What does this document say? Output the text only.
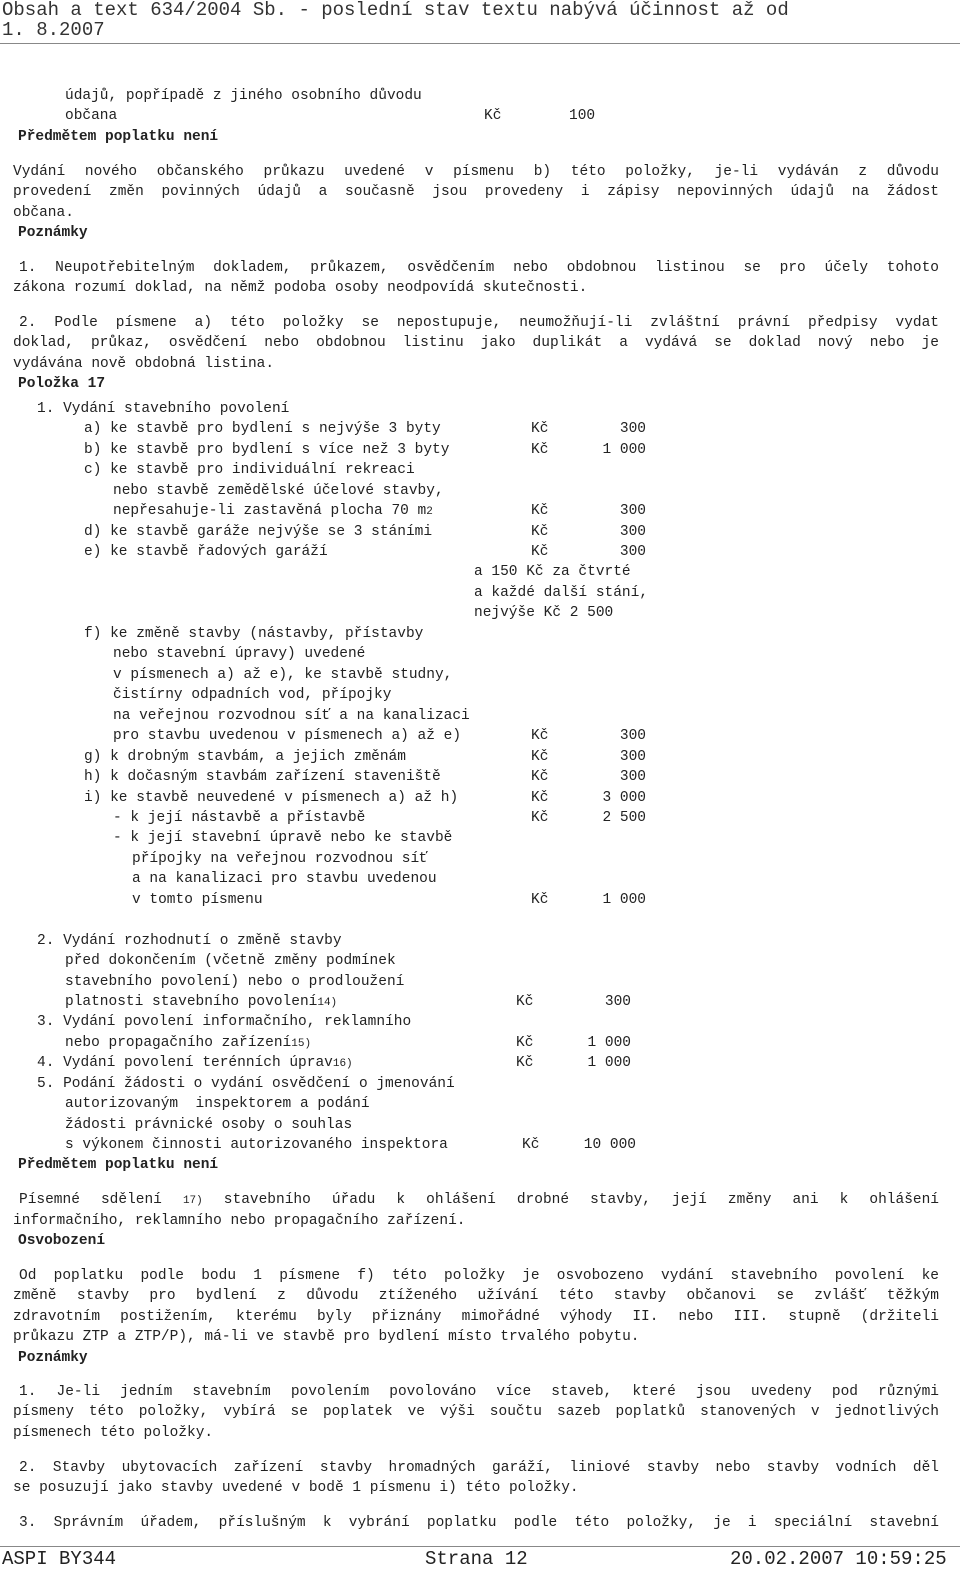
Obsah a text 634/2004 Sb. - poslední stav textu nabývá účinnost až od
1. 8.2007
údajů, popřípadě z jiného osobního důvodu
občana	Kč	100
Předmětem poplatku není
Vydání nového občanského průkazu uvedené v písmenu b) této položky, je-li vydáván z důvodu
provedení změn povinných údajů a současně jsou provedeny i zápisy nepovinných údajů na žádost
občana.
Poznámky
1. Neupotřebitelným dokladem, průkazem, osvědčením nebo obdobnou listinou se pro účely tohoto
zákona rozumí doklad, na němž podoba osoby neodpovídá skutečnosti.
2. Podle písmene a) této položky se nepostupuje, neumožňují-li zvláštní právní předpisy vydat
doklad, průkaz, osvědčení nebo obdobnou listinu jako duplikát a vydává se doklad nový nebo je
vydávána nově obdobná listina.
Položka 17
1. Vydání stavebního povolení
a) ke stavbě pro bydlení s nejvýše 3 byty	Kč	300
b) ke stavbě pro bydlení s více než 3 byty	Kč	1 000
c) ke stavbě pro individuální rekreaci
nebo stavbě zemědělské účelové stavby,
nepřesahuje-li zastavěná plocha 70 m2	Kč	300
d) ke stavbě garáže nejvýše se 3 stáními	Kč	300
e) ke stavbě řadových garáží	Kč	300
a 150 Kč za čtvrté
a každé další stání,
nejvýše Kč 2 500
f) ke změně stavby (nástavby, přístavby
nebo stavební úpravy) uvedené
v písmenech a) až e), ke stavbě studny,
čistírny odpadních vod, přípojky
na veřejnou rozvodnou síť a na kanalizaci
pro stavbu uvedenou v písmenech a) až e)	Kč	300
g) k drobným stavbám, a jejich změnám	Kč	300
h) k dočasným stavbám zařízení staveniště	Kč	300
i) ke stavbě neuvedené v písmenech a) až h)	Kč	3 000
- k její nástavbě a přístavbě	Kč	2 500
- k její stavební úpravě nebo ke stavbě
přípojky na veřejnou rozvodnou síť
a na kanalizaci pro stavbu uvedenou
v tomto písmenu	Kč	1 000
2. Vydání rozhodnutí o změně stavby
před dokončením (včetně změny podmínek
stavebního povolení) nebo o prodloužení
platnosti stavebního povolení14)	Kč	300
3. Vydání povolení informačního, reklamního
nebo propagačního zařízení15)	Kč	1 000
4. Vydání povolení terénních úprav16)	Kč	1 000
5. Podání žádosti o vydání osvědčení o jmenování
autorizovaným  inspektorem a podání
žádosti právnické osoby o souhlas
s výkonem činnosti autorizovaného inspektora	Kč	10 000
Předmětem poplatku není
Písemné sdělení 17) stavebního úřadu k ohlášení drobné stavby, její změny ani k ohlášení
informačního, reklamního nebo propagačního zařízení.
Osvobození
Od poplatku podle bodu 1 písmene f) této položky je osvobozeno vydání stavebního povolení ke
změně stavby pro bydlení z důvodu ztíženého užívání této stavby občanovi se zvlášť těžkým
zdravotním postižením, kterému byly přiznány mimořádné výhody II. nebo III. stupně (držiteli
průkazu ZTP a ZTP/P), má-li ve stavbě pro bydlení místo trvalého pobytu.
Poznámky
1. Je-li jedním stavebním povolením povolováno více staveb, které jsou uvedeny pod různými
písmeny této položky, vybírá se poplatek ve výši součtu sazeb poplatků stanovených v jednotlivých
písmenech této položky.
2. Stavby ubytovacích zařízení stavby hromadných garáží, liniové stavby nebo stavby vodních děl
se posuzují jako stavby uvedené v bodě 1 písmenu i) této položky.
3. Správním úřadem, příslušným k vybrání poplatku podle této položky, je i speciální stavební
ASPI BY344	Strana 12	20.02.2007 10:59:25
